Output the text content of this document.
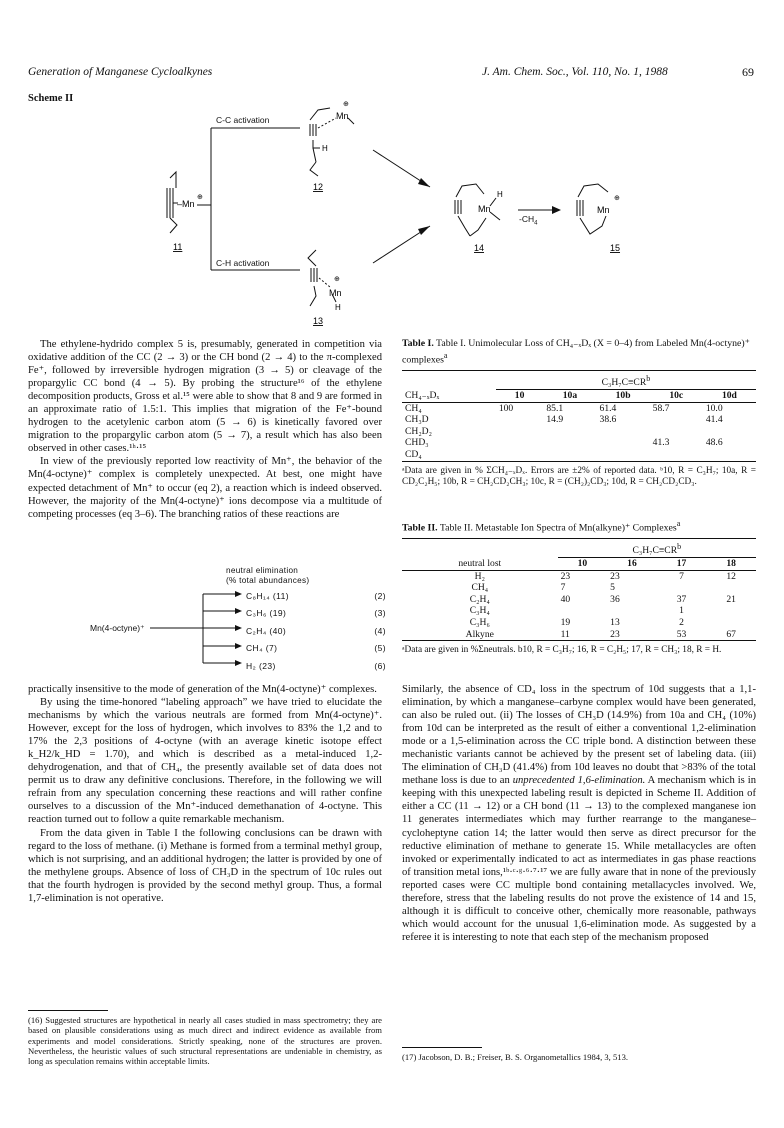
Generation of Manganese Cycloalkynes	J. Am. Chem. Soc., Vol. 110, No. 1, 1988	69
Scheme II
–Mn
⊕
11
Mn
⊕
H
12
Mn
⊕
H
13
Mn
H
14
Mn
⊕
15
C-C activation
C-H activation
$-CH_4$

The ethylene-hydrido complex 5 is, presumably, generated in competition via oxidative addition of the CC (2 → 3) or the CH bond (2 → 4) to the π-complexed Fe⁺, followed by irreversible hydrogen migration (3 → 5) or cleavage of the propargylic CC bond (4 → 5). By probing the structure¹⁶ of the ethylene decomposition products, Gross et al.¹⁵ were able to show that 8 and 9 are formed in an approximate ratio of 1.5:1. This implies that migration of the Fe⁺-bound hydrogen to the acetylenic carbon atom (5 → 6) is kinetically favored over migration to the propargylic carbon atom (5 → 7), a result which has also been observed in other cases.¹ʰ·¹⁵

In view of the previously reported low reactivity of Mn⁺, the behavior of the Mn(4-octyne)⁺ complex is completely unexpected. At best, one might have expected detachment of Mn⁺ to occur (eq 2), a reaction which is indeed observed. However, the majority of the Mn(4-octyne)⁺ ions decompose via a multitude of competing processes (eq 3–6). The branching ratios of these reactions are

neutral elimination
(% total abundances)
Mn(4-octyne)⁺
C₈H₁₄ (11)	(2)
C₃H₆ (19)	(3)
C₂H₄ (40)	(4)
CH₄ (7)	(5)
H₂ (23)	(6)

practically insensitive to the mode of generation of the Mn(4-octyne)⁺ complexes.

By using the time-honored “labeling approach” we have tried to elucidate the mechanisms by which the various neutrals are formed from Mn(4-octyne)⁺. However, except for the loss of hydrogen, which involves to 83% the 1,2 and to 17% the 2,3 positions of 4-octyne (with an average kinetic isotope effect k_H2/k_HD = 1.70), and which is described as a metal-induced 1,2-dehydrogenation, and that of CH₄, the presently available set of data does not permit us to draw any definitive conclusions. Therefore, in the following we will refrain from any speculation concerning these reactions and will rather confine ourselves to a discussion of the Mn⁺-induced demethanation of 4-octyne. This reaction turned out to follow a quite remarkable mechanism.

From the data given in Table I the following conclusions can be drawn with regard to the loss of methane. (i) Methane is formed from a terminal methyl group, which is not surprising, and an additional hydrogen; the latter is provided by one of the methylene groups. Absence of loss of CH₃D in the spectrum of 10c rules out that the fourth hydrogen is provided by the second methyl group. Thus, a formal 1,7-elimination is not operative.

(16) Suggested structures are hypothetical in nearly all cases studied in mass spectrometry; they are based on plausible considerations using as much direct and indirect evidence as available from experiments and model considerations. Strictly speaking, none of the structures are proven. Nevertheless, the heuristic values of such structural representations are undeniable in chemistry, as long as speculation remains within acceptable limits.
Table I. Table I. Unimolecular Loss of CH₄₋ₓDₓ (X = 0–4) from Labeled Mn(4-octyne)⁺ complexes$^a$
	$C_3H_7C\equiv CR^b$
CH₄₋ₓDₓ	10	10a	10b	10c	10d
CH₄	100	85.1	61.4	58.7	10.0
CH₃D		14.9	38.6		41.4
CH₂D₂					
CHD₃				41.3	48.6
CD₄					
ᵃData are given in % ΣCH₄₋ₓDₓ. Errors are ±2% of reported data. ᵇ10, R = C₃H₇; 10a, R = CD₂C₂H₅; 10b, R = CH₂CD₂CH₃; 10c, R = (CH₂)₂CD₃; 10d, R = CH₂CD₂CD₃.
Table II. Table II. Metastable Ion Spectra of Mn(alkyne)⁺ Complexes$^a$
	$C_3H_7C\equiv CR^b$
neutral lost	10	16	17	18
H₂	23	23	7	12
CH₄	7	5		
C₂H₄	40	36	37	21
C₃H₄			1	
C₃H₆	19	13	2	
Alkyne	11	23	53	67
ᵃData are given in %Σneutrals. b10, R = C₃H₇; 16, R = C₂H₅; 17, R = CH₃; 18, R = H.

Similarly, the absence of CD₄ loss in the spectrum of 10d suggests that a 1,1-elimination, by which a manganese–carbyne complex would have been generated, can also be ruled out. (ii) The losses of CH₃D (14.9%) from 10a and CH₄ (10%) from 10d can be interpreted as the result of either a conventional 1,2-elimination mode or a 1,5-elimination across the CC triple bond. A distinction between these mechanistic variants cannot be achieved by the present set of labeling data. (iii) The elimination of CH₃D (41.4%) from 10d leaves no doubt that >83% of the total methane loss is due to an unprecedented 1,6-elimination. A mechanism which is in keeping with this unexpected labeling result is depicted in Scheme II. Addition of either a CC (11 → 12) or a CH bond (11 → 13) to the complexed manganese ion 11 generates intermediates which may further rearrange to the manganese–cycloheptyne cation 14; the latter would then serve as direct precursor for the reductive elimination of methane to generate 15. While metallacycles are often invoked or experimentally indicated to act as intermediates in gas phase reactions of transition metal ions,¹ᵇ·ᶜ·ᵍ·⁶·⁷·¹⁷ we are fully aware that in none of the previously reported cases were CC multiple bond containing metallacycles involved. We, therefore, stress that the labeling results do not prove the existence of 14 and 15, although it is difficult to conceive other, chemically more reasonable, pathways which would account for the unusual 1,6-elimination mode. As suggested by a referee it is interesting to note that each step of the mechanism proposed

(17) Jacobson, D. B.; Freiser, B. S. Organometallics 1984, 3, 513.
